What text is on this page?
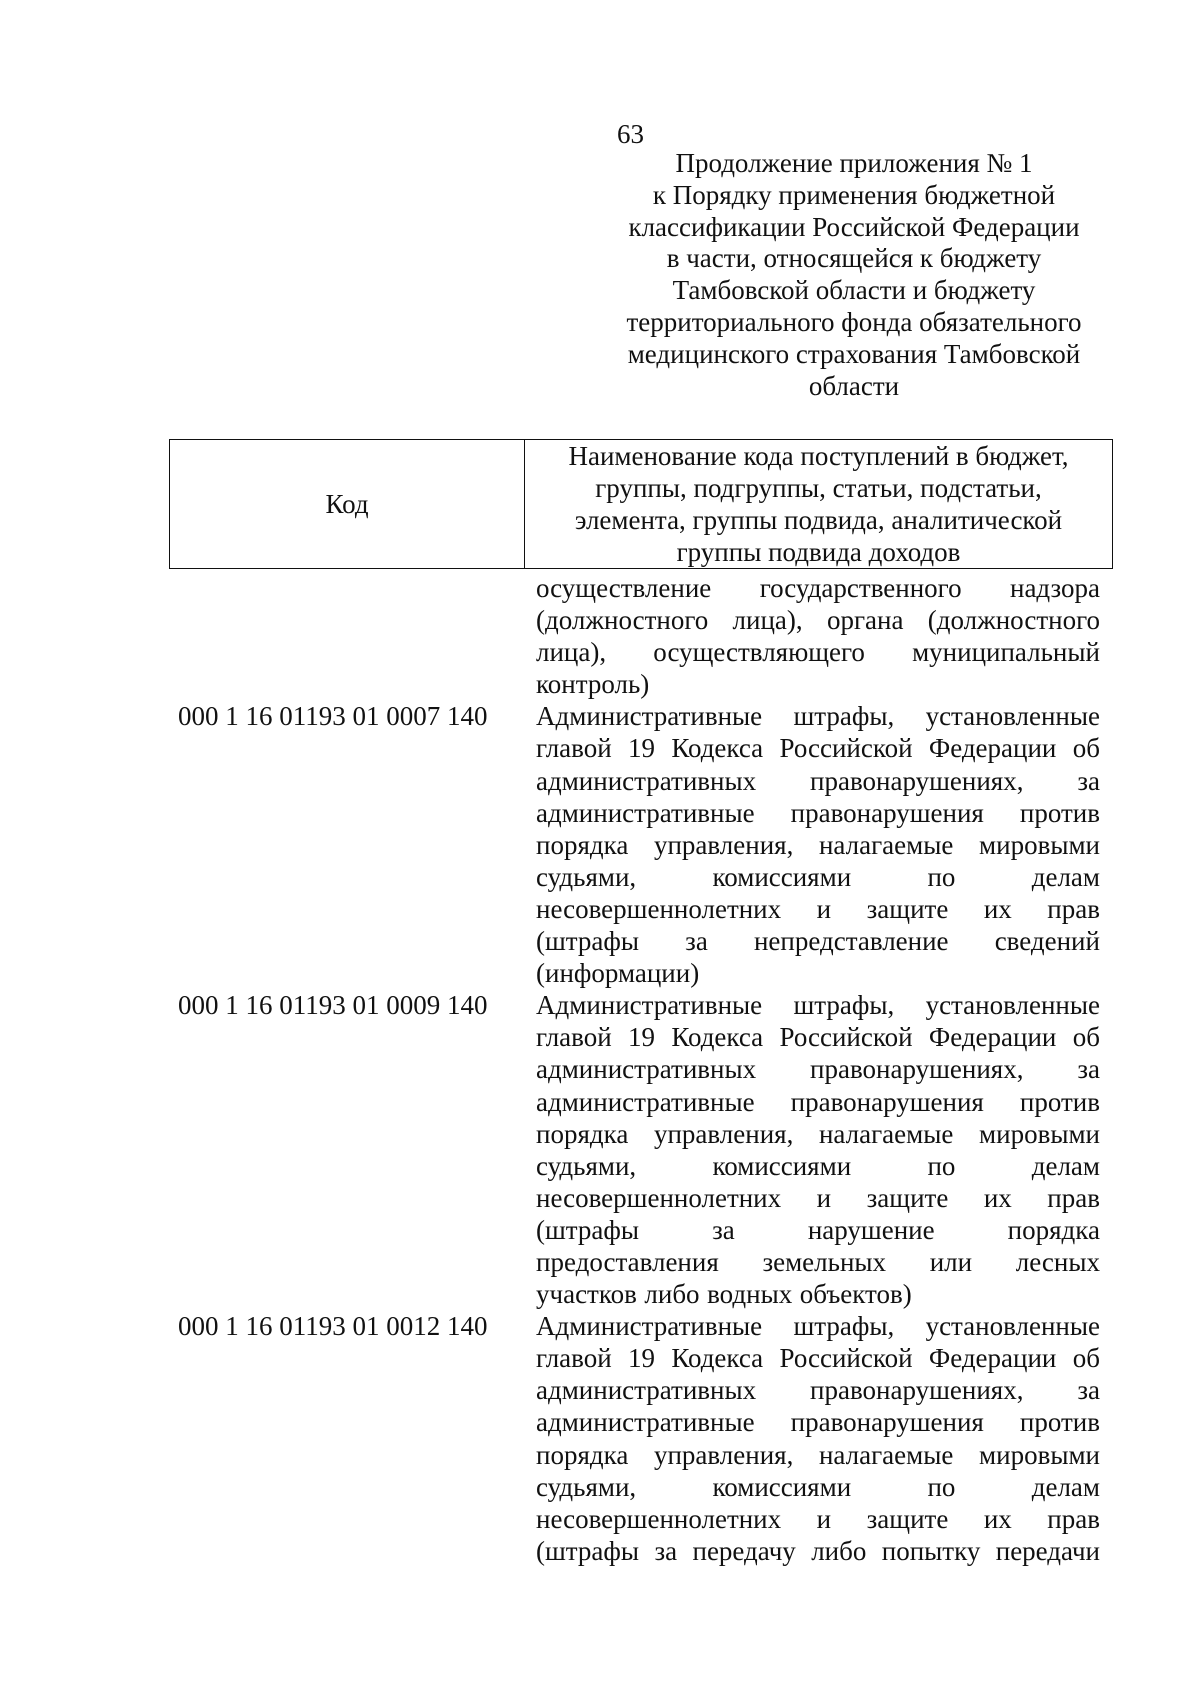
63
Продолжение приложения № 1
к Порядку применения бюджетной
классификации Российской Федерации
в части, относящейся к бюджету
Тамбовской области и бюджету
территориального фонда обязательного
медицинского страхования Тамбовской
области
Код
Наименование кода поступлений в бюджет,
группы, подгруппы, статьи, подстатьи,
элемента, группы подвида, аналитической
группы подвида доходов
осуществление государственного надзора
(должностного лица), органа (должностного
лица), осуществляющего муниципальный
контроль)
000 1 16 01193 01 0007 140	Административные штрафы, установленные
главой 19 Кодекса Российской Федерации об
административных правонарушениях, за
административные правонарушения против
порядка управления, налагаемые мировыми
судьями,	комиссиями	по	делам
несовершеннолетних и защите их прав
(штрафы за непредставление сведений
(информации)
000 1 16 01193 01 0009 140	Административные штрафы, установленные
главой 19 Кодекса Российской Федерации об
административных правонарушениях, за
административные правонарушения против
порядка управления, налагаемые мировыми
судьями,	комиссиями	по	делам
несовершеннолетних и защите их прав
(штрафы	за	нарушение	порядка
предоставления земельных или лесных
участков либо водных объектов)
000 1 16 01193 01 0012 140	Административные штрафы, установленные
главой 19 Кодекса Российской Федерации об
административных правонарушениях, за
административные правонарушения против
порядка управления, налагаемые мировыми
судьями,	комиссиями	по	делам
несовершеннолетних и защите их прав
(штрафы за передачу либо попытку передачи
